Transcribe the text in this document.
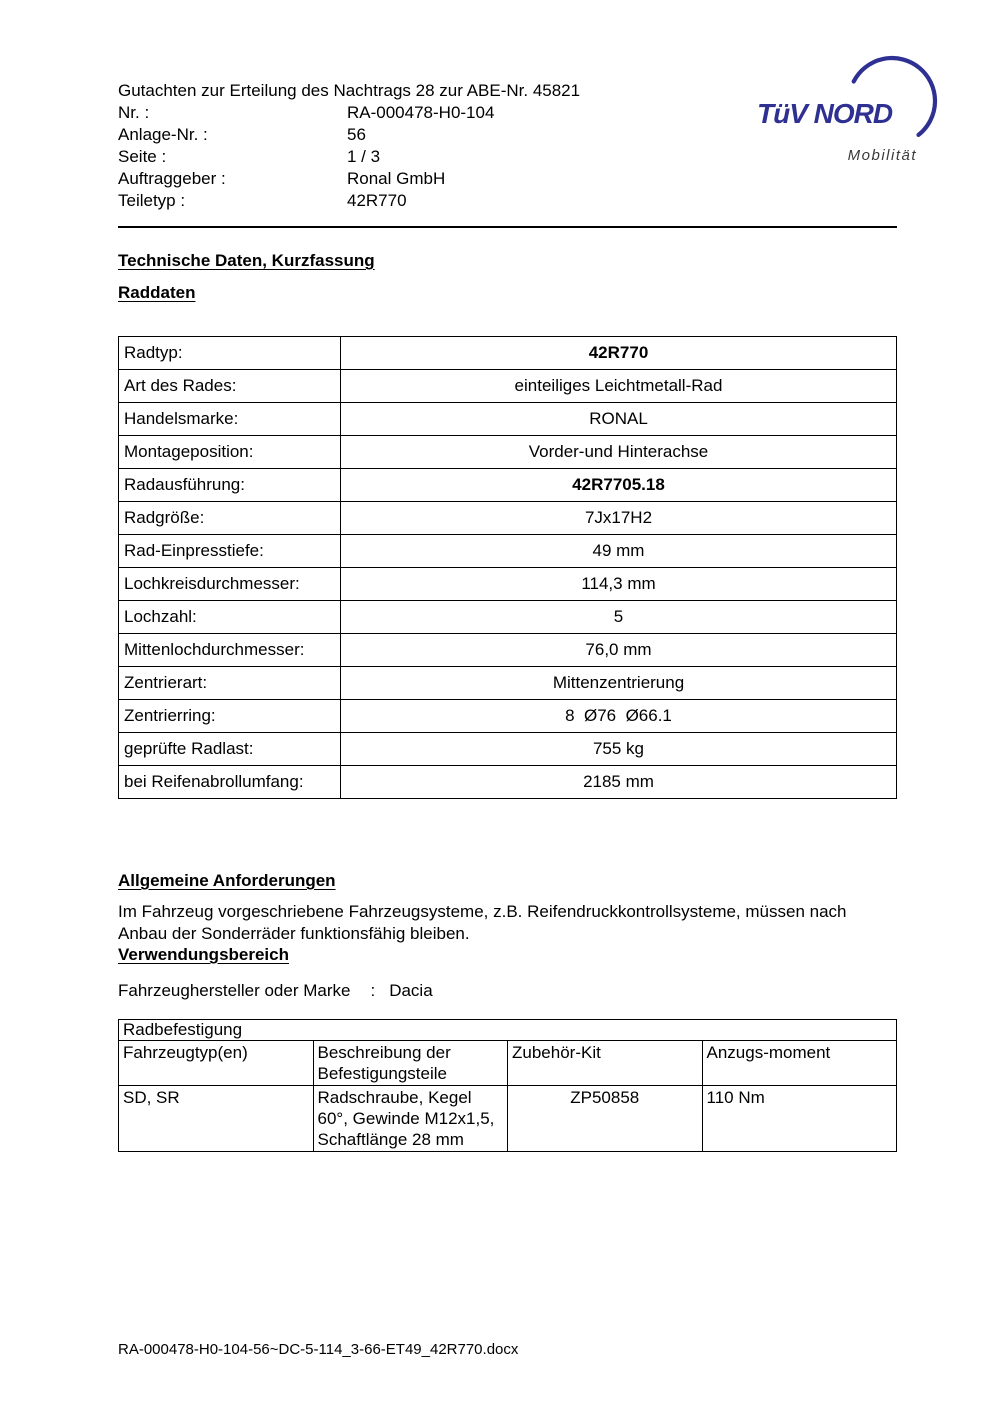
Gutachten zur Erteilung des Nachtrags 28 zur ABE-Nr. 45821
Nr. :	RA-000478-H0-104
Anlage-Nr. :	56
Seite :	1 / 3
Auftraggeber :	Ronal GmbH
Teiletyp :	42R770
TüV NORD
Mobilität
Technische Daten, Kurzfassung
Raddaten
Radtyp:	42R770
Art des Rades:	einteiliges Leichtmetall-Rad
Handelsmarke:	RONAL
Montageposition:	Vorder-und Hinterachse
Radausführung:	42R7705.18
Radgröße:	7Jx17H2
Rad-Einpresstiefe:	49 mm
Lochkreisdurchmesser:	114,3 mm
Lochzahl:	5
Mittenlochdurchmesser:	76,0 mm
Zentrierart:	Mittenzentrierung
Zentrierring:	8  Ø76  Ø66.1
geprüfte Radlast:	755 kg
bei Reifenabrollumfang:	2185 mm
Allgemeine Anforderungen
Im Fahrzeug vorgeschriebene Fahrzeugsysteme, z.B. Reifendruckkontrollsysteme, müssen nach Anbau der Sonderräder funktionsfähig bleiben.
Verwendungsbereich
Fahrzeughersteller oder Marke : Dacia
Radbefestigung			
Fahrzeugtyp(en)	Beschreibung der Befestigungsteile	Zubehör-Kit	Anzugs-moment
SD, SR	Radschraube, Kegel 60°, Gewinde M12x1,5, Schaftlänge 28 mm	ZP50858	110 Nm
RA-000478-H0-104-56~DC-5-114_3-66-ET49_42R770.docx
